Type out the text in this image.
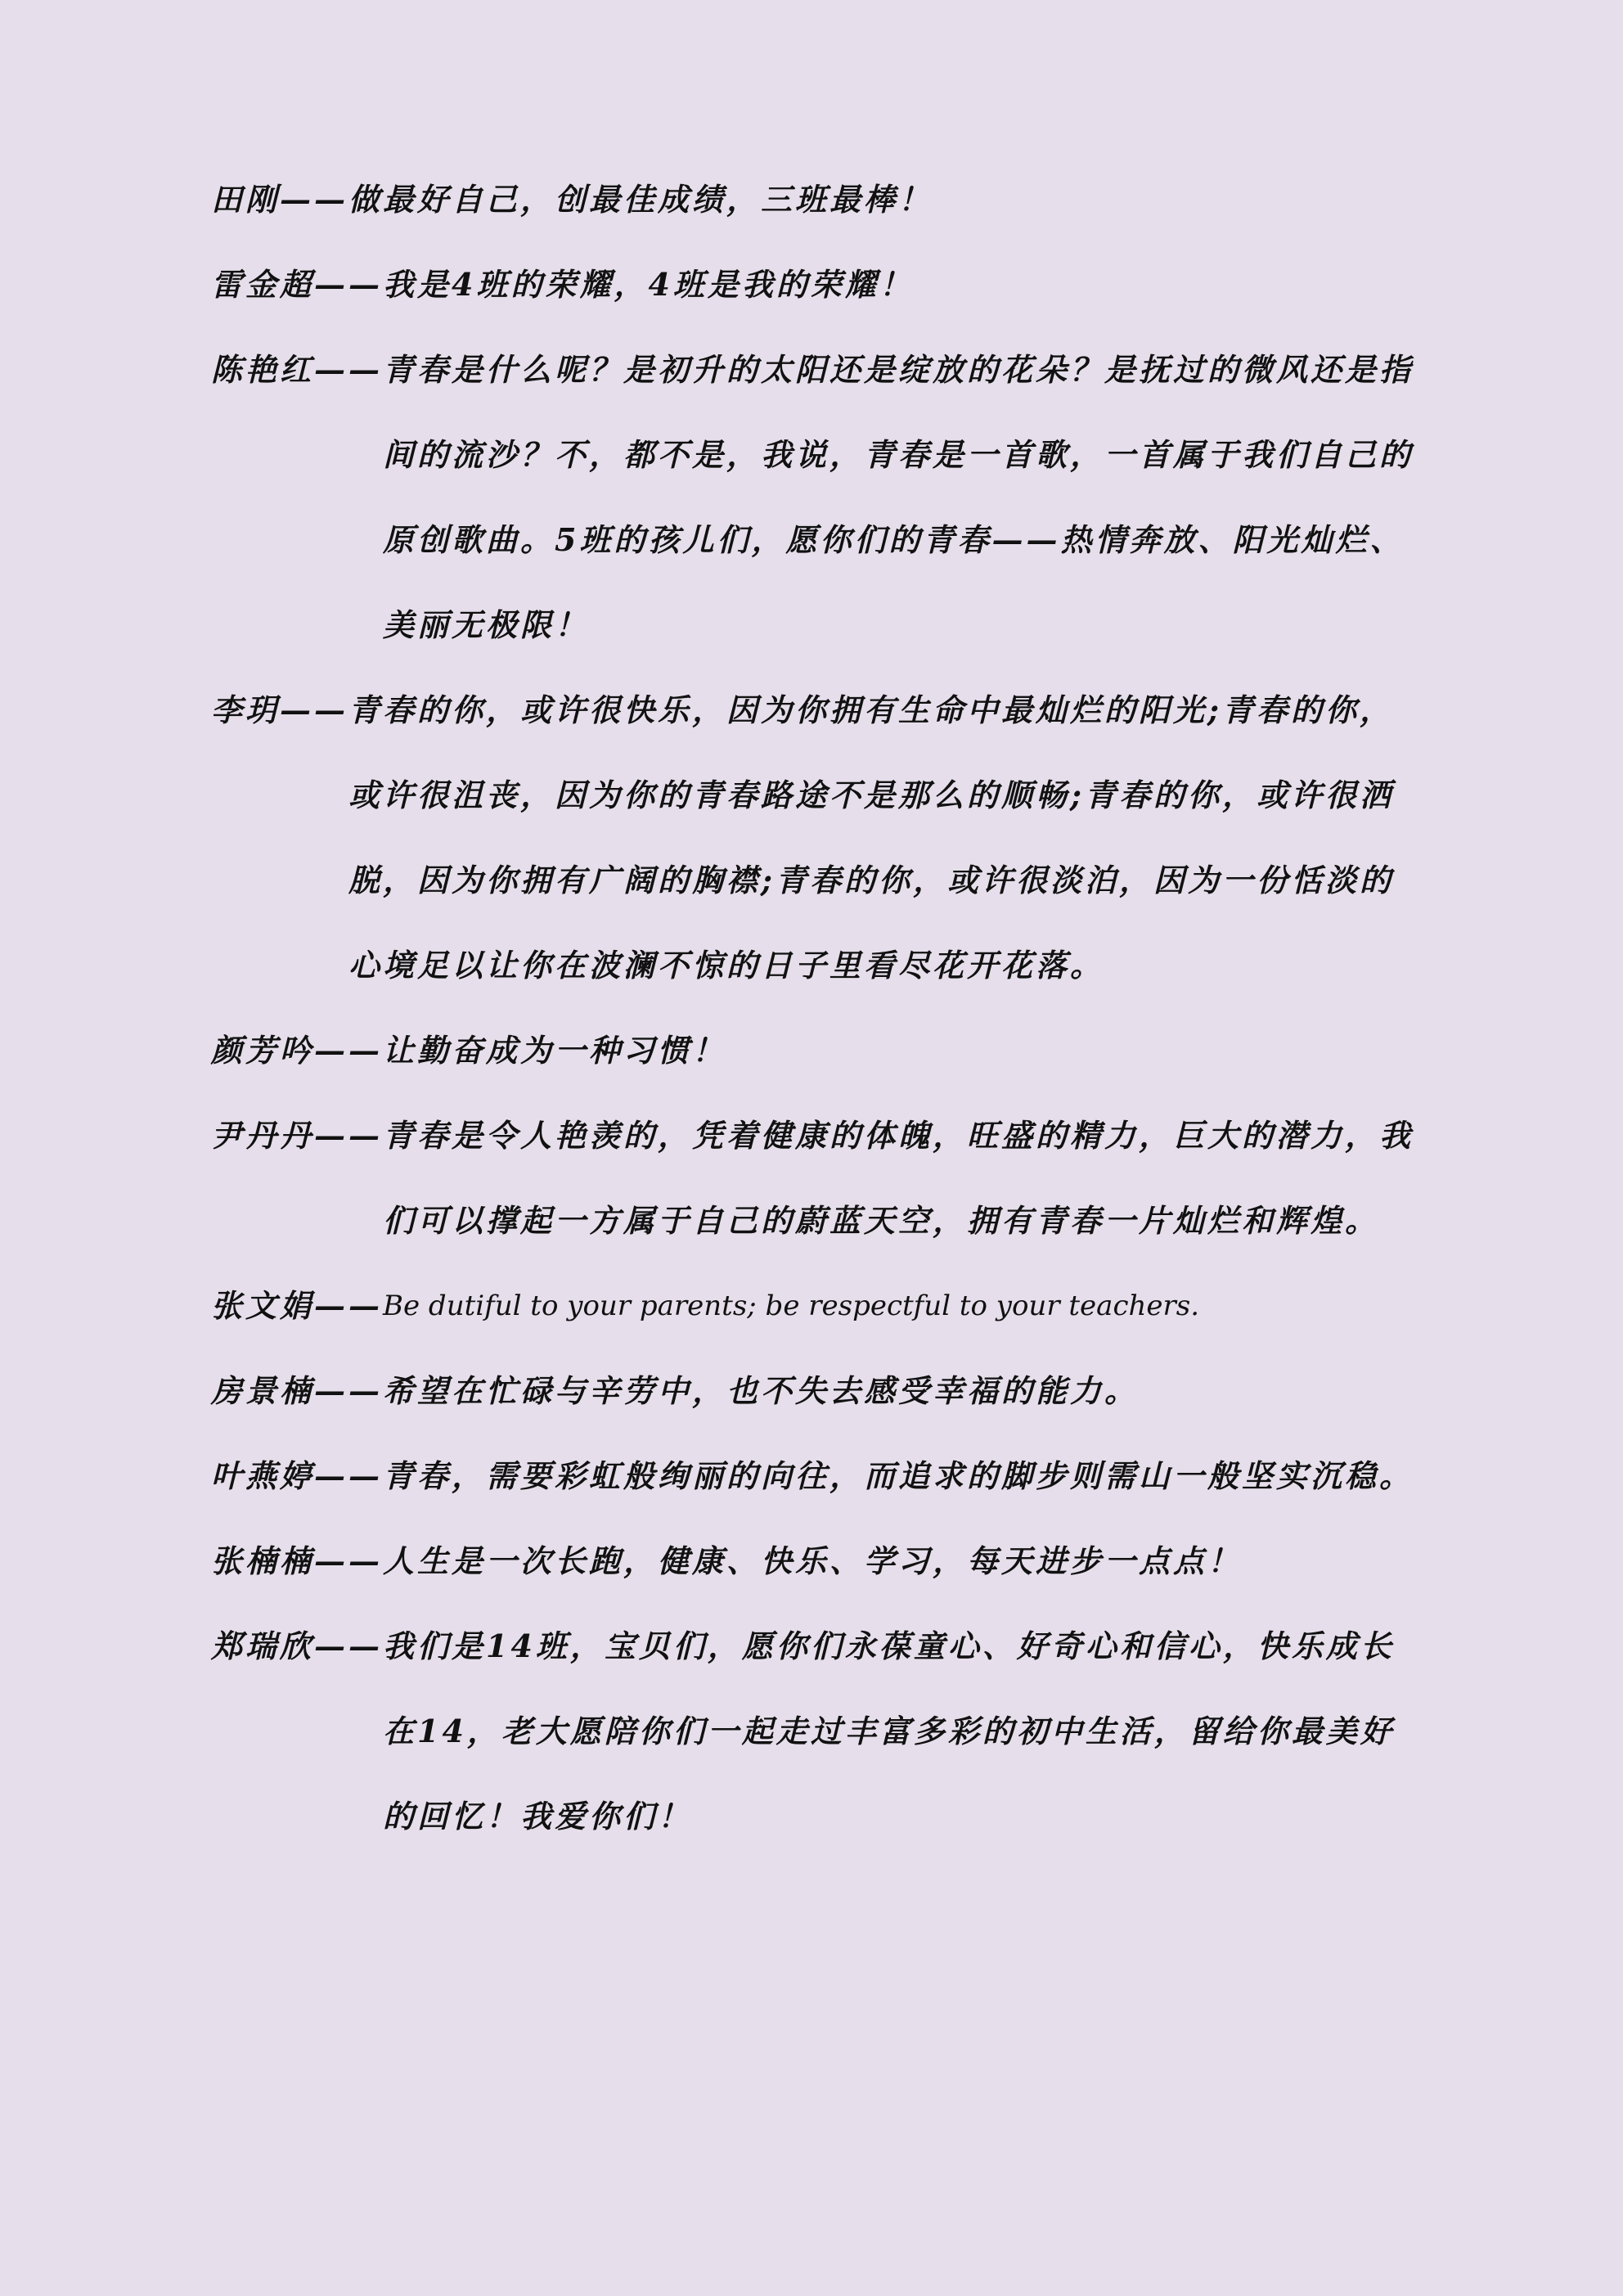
田刚—— 做最好自己，创最佳成绩，三班最棒！
雷金超—— 我是4班的荣耀，4班是我的荣耀！
陈艳红—— 青春是什么呢？是初升的太阳还是绽放的花朵？是抚过的微风还是指间的流沙？不，都不是，我说，青春是一首歌，一首属于我们自己的原创歌曲。5班的孩儿们，愿你们的青春——热情奔放、阳光灿烂、美丽无极限！
李玥—— 青春的你，或许很快乐，因为你拥有生命中最灿烂的阳光;青春的你，或许很沮丧，因为你的青春路途不是那么的顺畅;青春的你，或许很洒脱，因为你拥有广阔的胸襟;青春的你，或许很淡泊，因为一份恬淡的心境足以让你在波澜不惊的日子里看尽花开花落。
颜芳吟—— 让勤奋成为一种习惯！
尹丹丹—— 青春是令人艳羡的，凭着健康的体魄，旺盛的精力，巨大的潜力，我们可以撑起一方属于自己的蔚蓝天空，拥有青春一片灿烂和辉煌。
张文娟—— Be dutiful to your parents; be respectful to your teachers.
房景楠—— 希望在忙碌与辛劳中，也不失去感受幸福的能力。
叶燕婷—— 青春，需要彩虹般绚丽的向往，而追求的脚步则需山一般坚实沉稳。
张楠楠—— 人生是一次长跑，健康、快乐、学习，每天进步一点点！
郑瑞欣—— 我们是14班，宝贝们，愿你们永葆童心、好奇心和信心，快乐成长在14，老大愿陪你们一起走过丰富多彩的初中生活，留给你最美好的回忆！我爱你们！
